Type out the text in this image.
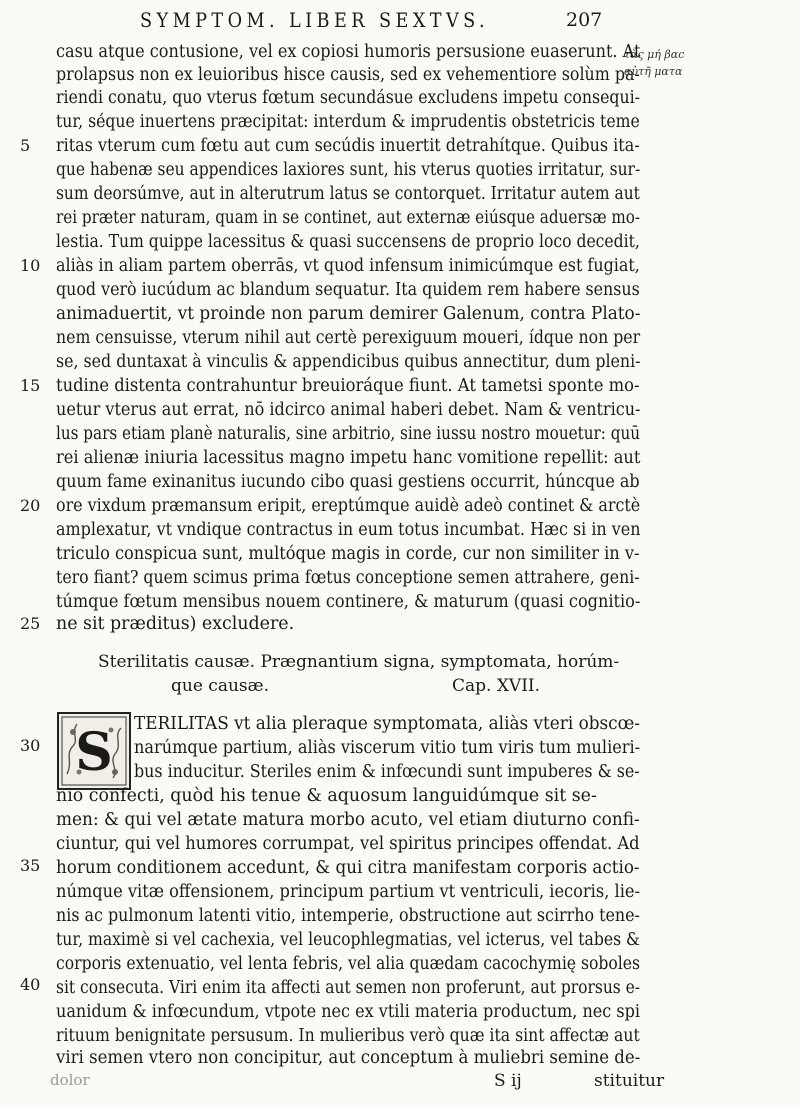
SYMPTOM. LIBER SEXTVS.	207
τὰς μή βαϲ
αὐτῆ ματα
casu atque contusione, vel ex copiosi humoris persusione euaserunt. At
prolapsus non ex leuioribus hisce causis, sed ex vehementiore solùm pa-
riendi conatu, quo vterus fœtum secundásue excludens impetu consequi-
tur, séque inuertens præcipitat: interdum & imprudentis obstetricis teme
ritas vterum cum fœtu aut cum secúdis inuertit detrahítque. Quibus ita-
que habenæ seu appendices laxiores sunt, his vterus quoties irritatur, sur-
sum deorsúmve, aut in alterutrum latus se contorquet. Irritatur autem aut
rei præter naturam, quam in se continet, aut externæ eiúsque aduersæ mo-
lestia. Tum quippe lacessitus & quasi succensens de proprio loco decedit,
aliàs in aliam partem oberrās, vt quod infensum inimicúmque est fugiat,
quod verò iucúdum ac blandum sequatur. Ita quidem rem habere sensus
animaduertit, vt proinde non parum demirer Galenum, contra Plato-
nem censuisse, vterum nihil aut certè perexiguum moueri, ídque non per
se, sed duntaxat à vinculis & appendicibus quibus annectitur, dum pleni-
tudine distenta contrahuntur breuioráque fiunt. At tametsi sponte mo-
uetur vterus aut errat, nō idcirco animal haberi debet. Nam & ventricu-
lus pars etiam planè naturalis, sine arbitrio, sine iussu nostro mouetur: quū
rei alienæ iniuria lacessitus magno impetu hanc vomitione repellit: aut
quum fame exinanitus iucundo cibo quasi gestiens occurrit, húncque ab
ore vixdum præmansum eripit, ereptúmque auidè adeò continet & arctè
amplexatur, vt vndique contractus in eum totus incumbat. Hæc si in ven
triculo conspicua sunt, multóque magis in corde, cur non similiter in v-
tero fiant? quem scimus prima fœtus conceptione semen attrahere, geni-
túmque fœtum mensibus nouem continere, & maturum (quasi cognitio-
ne sit præditus) excludere.
5
10
15
20
25
30
35
40
Sterilitatis causæ. Prægnantium signa, symptomata, horúm-
que causæ.	Cap. XVII.
S TERILITAS vt alia pleraque symptomata, aliàs vteri obscœ-
narúmque partium, aliàs viscerum vitio tum viris tum mulieri-
bus inducitur. Steriles enim & infœcundi sunt impuberes & se-
nio confecti, quòd his tenue & aquosum languidúmque sit se-
men: & qui vel ætate matura morbo acuto, vel etiam diuturno confi-
ciuntur, qui vel humores corrumpat, vel spiritus principes offendat. Ad
horum conditionem accedunt, & qui citra manifestam corporis actio-
númque vitæ offensionem, principum partium vt ventriculi, iecoris, lie-
nis ac pulmonum latenti vitio, intemperie, obstructione aut scirrho tene-
tur, maximè si vel cachexia, vel leucophlegmatias, vel icterus, vel tabes &
corporis extenuatio, vel lenta febris, vel alia quædam cacochymię soboles
sit consecuta. Viri enim ita affecti aut semen non proferunt, aut prorsus e-
uanidum & infœcundum, vtpote nec ex vtili materia productum, nec spi
rituum benignitate persusum. In mulieribus verò quæ ita sint affectæ aut
viri semen vtero non concipitur, aut conceptum à muliebri semine de-
dolor	S ij	stituitur
